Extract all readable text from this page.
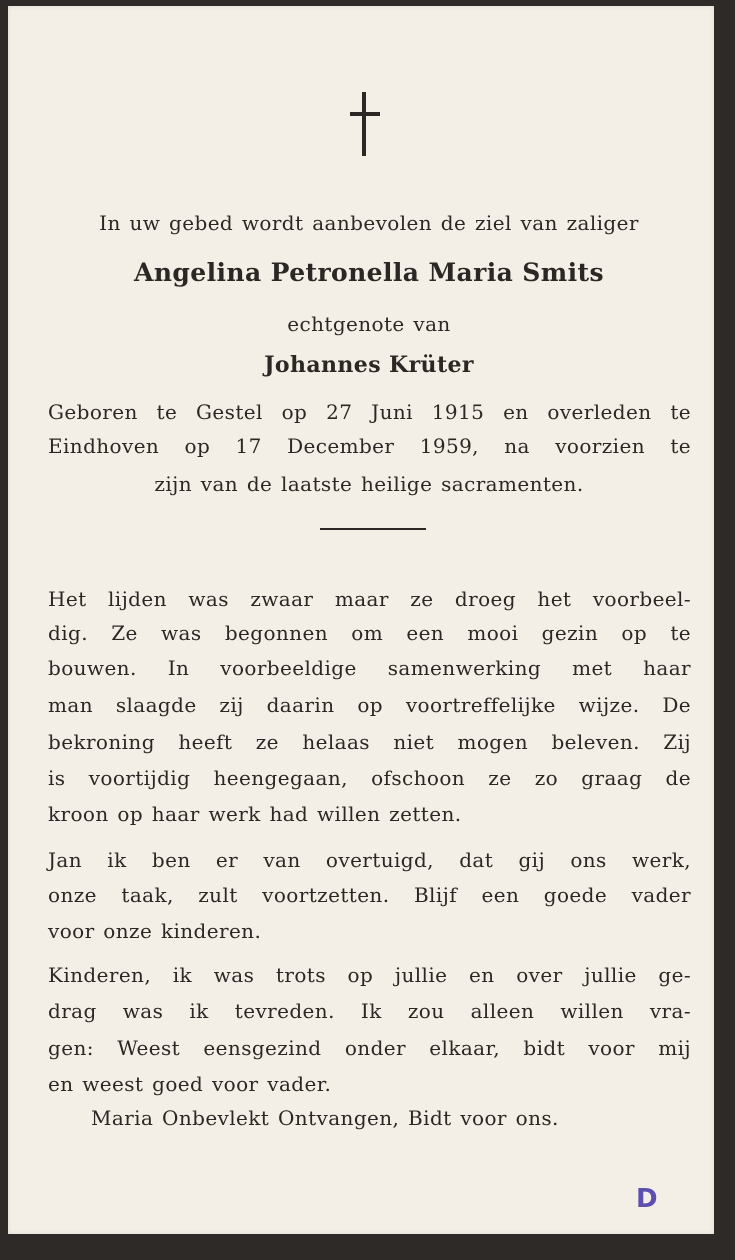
In uw gebed wordt aanbevolen de ziel van zaliger
Angelina Petronella Maria Smits
echtgenote van
Johannes Krüter
Geboren te Gestel op 27 Juni 1915 en overleden te
Eindhoven op 17 December 1959, na voorzien te
zijn van de laatste heilige sacramenten.
Het lijden was zwaar maar ze droeg het voorbeel-
dig. Ze was begonnen om een mooi gezin op te
bouwen. In voorbeeldige samenwerking met haar
man slaagde zij daarin op voortreffelijke wijze. De
bekroning heeft ze helaas niet mogen beleven. Zij
is voortijdig heengegaan, ofschoon ze zo graag de
kroon op haar werk had willen zetten.
Jan ik ben er van overtuigd, dat gij ons werk,
onze taak, zult voortzetten. Blijf een goede vader
voor onze kinderen.
Kinderen, ik was trots op jullie en over jullie ge-
drag was ik tevreden. Ik zou alleen willen vra-
gen: Weest eensgezind onder elkaar, bidt voor mij
en weest goed voor vader.
Maria Onbevlekt Ontvangen, Bidt voor ons.
D
